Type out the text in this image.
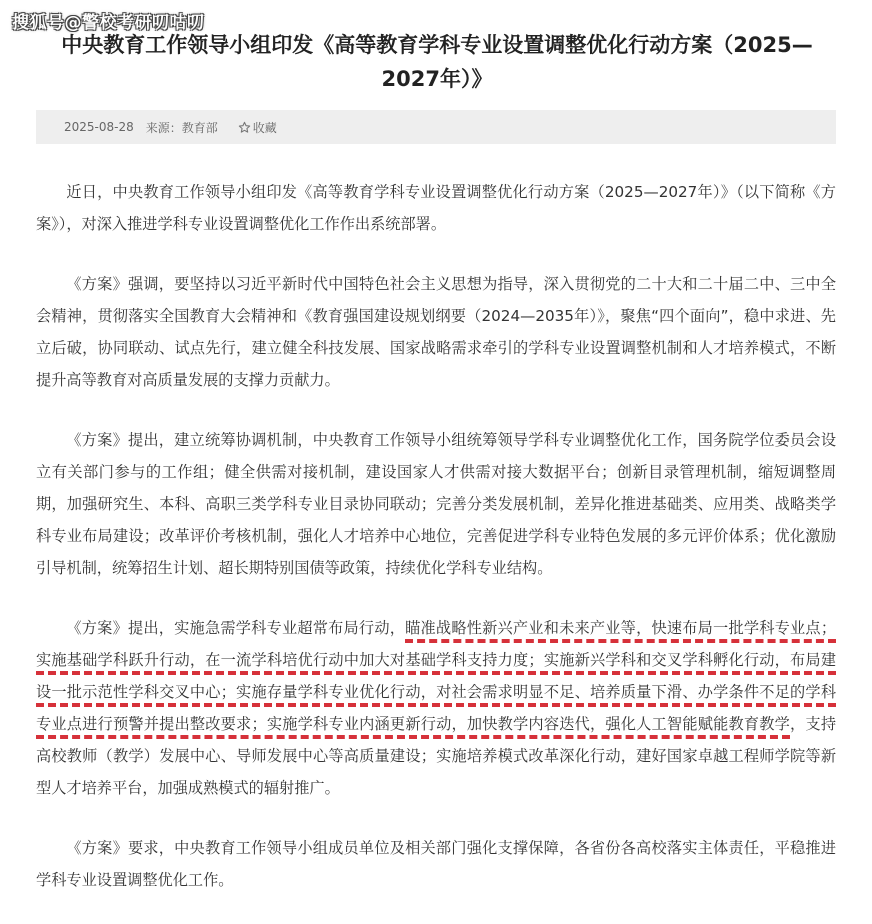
搜狐号@警校考研叨咕叨
中央教育工作领导小组印发《高等教育学科专业设置调整优化行动方案（2025—2027年）》
2025-08-28 来源：教育部	收藏

近日，中央教育工作领导小组印发《高等教育学科专业设置调整优化行动方案（2025—2027年）》（以下简称《方案》），对深入推进学科专业设置调整优化工作作出系统部署。

《方案》强调，要坚持以习近平新时代中国特色社会主义思想为指导，深入贯彻党的二十大和二十届二中、三中全会精神，贯彻落实全国教育大会精神和《教育强国建设规划纲要（2024—2035年）》，聚焦“四个面向”，稳中求进、先立后破，协同联动、试点先行，建立健全科技发展、国家战略需求牵引的学科专业设置调整机制和人才培养模式，不断提升高等教育对高质量发展的支撑力贡献力。

《方案》提出，建立统筹协调机制，中央教育工作领导小组统筹领导学科专业调整优化工作，国务院学位委员会设立有关部门参与的工作组；健全供需对接机制，建设国家人才供需对接大数据平台；创新目录管理机制，缩短调整周期，加强研究生、本科、高职三类学科专业目录协同联动；完善分类发展机制，差异化推进基础类、应用类、战略类学科专业布局建设；改革评价考核机制，强化人才培养中心地位，完善促进学科专业特色发展的多元评价体系；优化激励引导机制，统筹招生计划、超长期特别国债等政策，持续优化学科专业结构。

《方案》提出，实施急需学科专业超常布局行动，瞄准战略性新兴产业和未来产业等，快速布局一批学科专业点；实施基础学科跃升行动，在一流学科培优行动中加大对基础学科支持力度；实施新兴学科和交叉学科孵化行动，布局建设一批示范性学科交叉中心；实施存量学科专业优化行动，对社会需求明显不足、培养质量下滑、办学条件不足的学科专业点进行预警并提出整改要求；实施学科专业内涵更新行动，加快教学内容迭代，强化人工智能赋能教育教学，支持高校教师（教学）发展中心、导师发展中心等高质量建设；实施培养模式改革深化行动，建好国家卓越工程师学院等新型人才培养平台，加强成熟模式的辐射推广。

《方案》要求，中央教育工作领导小组成员单位及相关部门强化支撑保障，各省份各高校落实主体责任，平稳推进学科专业设置调整优化工作。
